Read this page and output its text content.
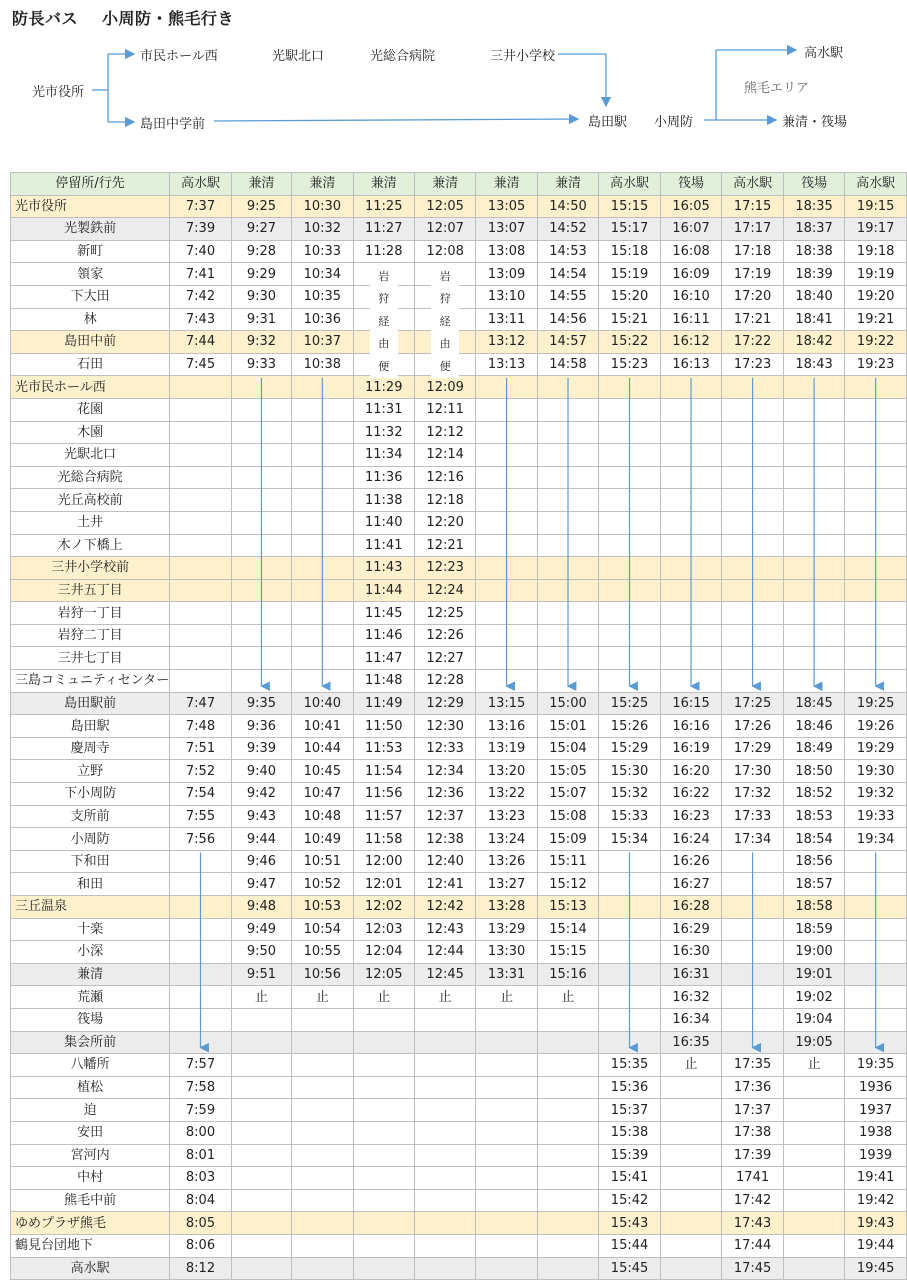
防長バス 小周防・熊毛行き
光市役所
市民ホール西	光駅北口	光総合病院	三井小学校
島田中学前	島田駅 小周防
高水駅
熊毛エリア
兼清・筏場
停留所/行先	高水駅	兼清	兼清	兼清	兼清	兼清	兼清	高水駅	筏場	高水駅	筏場	高水駅
光市役所	7:37	9:25	10:30	11:25	12:05	13:05	14:50	15:15	16:05	17:15	18:35	19:15
光製鉄前	7:39	9:27	10:32	11:27	12:07	13:07	14:52	15:17	16:07	17:17	18:37	19:17
新町	7:40	9:28	10:33	11:28	12:08	13:08	14:53	15:18	16:08	17:18	18:38	19:18
領家	7:41	9:29	10:34			13:09	14:54	15:19	16:09	17:19	18:39	19:19
下大田	7:42	9:30	10:35			13:10	14:55	15:20	16:10	17:20	18:40	19:20
林	7:43	9:31	10:36			13:11	14:56	15:21	16:11	17:21	18:41	19:21
島田中前	7:44	9:32	10:37			13:12	14:57	15:22	16:12	17:22	18:42	19:22
石田	7:45	9:33	10:38			13:13	14:58	15:23	16:13	17:23	18:43	19:23
光市民ホール西				11:29	12:09							
花園				11:31	12:11							
木園				11:32	12:12							
光駅北口				11:34	12:14							
光総合病院				11:36	12:16							
光丘高校前				11:38	12:18							
土井				11:40	12:20							
木ノ下橋上				11:41	12:21							
三井小学校前				11:43	12:23							
三井五丁目				11:44	12:24							
岩狩一丁目				11:45	12:25							
岩狩二丁目				11:46	12:26							
三井七丁目				11:47	12:27							
三島コミュニティセンター				11:48	12:28							
島田駅前	7:47	9:35	10:40	11:49	12:29	13:15	15:00	15:25	16:15	17:25	18:45	19:25
島田駅	7:48	9:36	10:41	11:50	12:30	13:16	15:01	15:26	16:16	17:26	18:46	19:26
慶周寺	7:51	9:39	10:44	11:53	12:33	13:19	15:04	15:29	16:19	17:29	18:49	19:29
立野	7:52	9:40	10:45	11:54	12:34	13:20	15:05	15:30	16:20	17:30	18:50	19:30
下小周防	7:54	9:42	10:47	11:56	12:36	13:22	15:07	15:32	16:22	17:32	18:52	19:32
支所前	7:55	9:43	10:48	11:57	12:37	13:23	15:08	15:33	16:23	17:33	18:53	19:33
小周防	7:56	9:44	10:49	11:58	12:38	13:24	15:09	15:34	16:24	17:34	18:54	19:34
下和田		9:46	10:51	12:00	12:40	13:26	15:11		16:26		18:56	
和田		9:47	10:52	12:01	12:41	13:27	15:12		16:27		18:57	
三丘温泉		9:48	10:53	12:02	12:42	13:28	15:13		16:28		18:58	
十楽		9:49	10:54	12:03	12:43	13:29	15:14		16:29		18:59	
小深		9:50	10:55	12:04	12:44	13:30	15:15		16:30		19:00	
兼清		9:51	10:56	12:05	12:45	13:31	15:16		16:31		19:01	
荒瀬		止	止	止	止	止	止		16:32		19:02	
筏場									16:34		19:04	
集会所前									16:35		19:05	
八幡所	7:57							15:35	止	17:35	止	19:35
植松	7:58							15:36		17:36		1936
迫	7:59							15:37		17:37		1937
安田	8:00							15:38		17:38		1938
宮河内	8:01							15:39		17:39		1939
中村	8:03							15:41		1741		19:41
熊毛中前	8:04							15:42		17:42		19:42
ゆめプラザ熊毛	8:05							15:43		17:43		19:43
鶴見台団地下	8:06							15:44		17:44		19:44
高水駅	8:12							15:45		17:45		19:45
岩
狩
経
由
便
岩
狩
経
由
便
